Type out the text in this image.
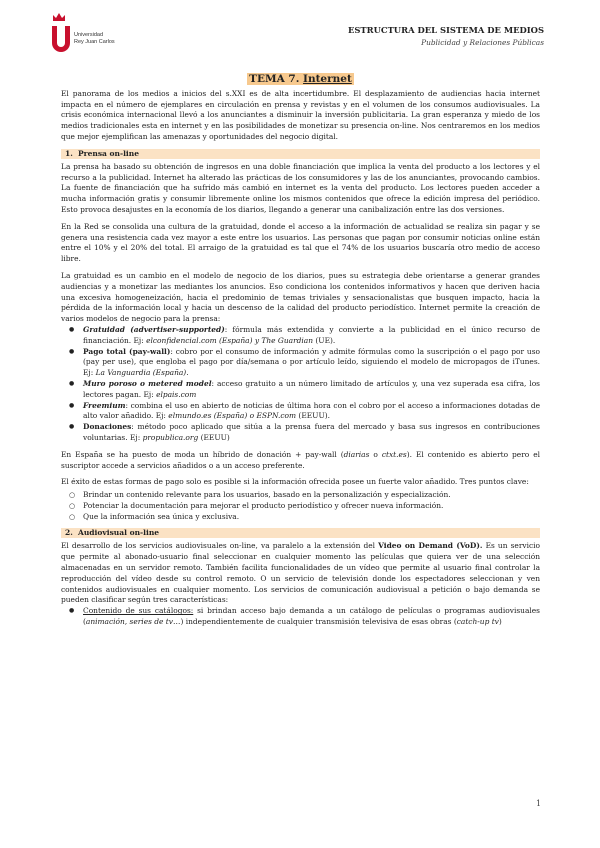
Universidad
Rey Juan Carlos
ESTRUCTURA DEL SISTEMA DE MEDIOS
Publicidad y Relaciones Públicas
TEMA 7. Internet

El panorama de los medios a inicios del s.XXI es de alta incertidumbre. El desplazamiento de audiencias hacia internet impacta en el número de ejemplares en circulación en prensa y revistas y en el volumen de los consumos audiovisuales. La crisis económica internacional llevó a los anunciantes a disminuir la inversión publicitaria. La gran esperanza y miedo de los medios tradicionales esta en internet y en las posibilidades de monetizar su presencia on-line. Nos centraremos en los medios que mejor ejemplifican las amenazas y oportunidades del negocio digital.

1. Prensa on-line

La prensa ha basado su obtención de ingresos en una doble financiación que implica la venta del producto a los lectores y el recurso a la publicidad. Internet ha alterado las prácticas de los consumidores y las de los anunciantes, provocando cambios. La fuente de financiación que ha sufrido más cambió en internet es la venta del producto. Los lectores pueden acceder a mucha información gratis y consumir libremente online los mismos contenidos que ofrece la edición impresa del periódico. Esto provoca desajustes en la economía de los diarios, llegando a generar una canibalización entre las dos versiones.

En la Red se consolida una cultura de la gratuidad, donde el acceso a la información de actualidad se realiza sin pagar y se genera una resistencia cada vez mayor a este entre los usuarios. Las personas que pagan por consumir noticias online están entre el 10% y el 20% del total. El arraigo de la gratuidad es tal que el 74% de los usuarios buscaría otro medio de acceso libre.

La gratuidad es un cambio en el modelo de negocio de los diarios, pues su estrategia debe orientarse a generar grandes audiencias y a monetizar las mediantes los anuncios. Eso condiciona los contenidos informativos y hacen que deriven hacia una excesiva homogeneización, hacia el predominio de temas triviales y sensacionalistas que busquen impacto, hacia la pérdida de la información local y hacia un descenso de la calidad del producto periodístico. Internet permite la creación de varios modelos de negocio para la prensa:

● Gratuidad (advertiser-supported): fórmula más extendida y convierte a la publicidad en el único recurso de financiación. Ej: elconfidencial.com (España) y The Guardian (UE).
● Pago total (pay-wall): cobro por el consumo de información y admite fórmulas como la suscripción o el pago por uso (pay per use), que engloba el pago por día/semana o por artículo leído, siguiendo el modelo de micropagos de iTunes. Ej: La Vanguardia (España).
● Muro poroso o metered model: acceso gratuito a un número limitado de artículos y, una vez superada esa cifra, los lectores pagan. Ej: elpais.com
● Freemium: combina el uso en abierto de noticias de última hora con el cobro por el acceso a informaciones dotadas de alto valor añadido. Ej: elmundo.es (España) o ESPN.com (EEUU).
● Donaciones: método poco aplicado que sitúa a la prensa fuera del mercado y basa sus ingresos en contribuciones voluntarias. Ej: propublica.org (EEUU)

En España se ha puesto de moda un híbrido de donación + pay-wall (diarias o ctxt.es). El contenido es abierto pero el suscriptor accede a servicios añadidos o a un acceso preferente.

El éxito de estas formas de pago solo es posible si la información ofrecida posee un fuerte valor añadido. Tres puntos clave:

○ Brindar un contenido relevante para los usuarios, basado en la personalización y especialización.
○ Potenciar la documentación para mejorar el producto periodístico y ofrecer nueva información.
○ Que la información sea única y exclusiva.
2. Audiovisual on-line

El desarrollo de los servicios audiovisuales on-line, va paralelo a la extensión del Video on Demand (VoD). Es un servicio que permite al abonado-usuario final seleccionar en cualquier momento las películas que quiera ver de una selección almacenadas en un servidor remoto. También facilita funcionalidades de un vídeo que permite al usuario final controlar la reproducción del vídeo desde su control remoto. O un servicio de televisión donde los espectadores seleccionan y ven contenidos audiovisuales en cualquier momento. Los servicios de comunicación audiovisual a petición o bajo demanda se pueden clasificar según tres características:

● Contenido de sus catálogos: si brindan acceso bajo demanda a un catálogo de películas o programas audiovisuales (animación, series de tv…) independientemente de cualquier transmisión televisiva de esas obras (catch-up tv)
1
